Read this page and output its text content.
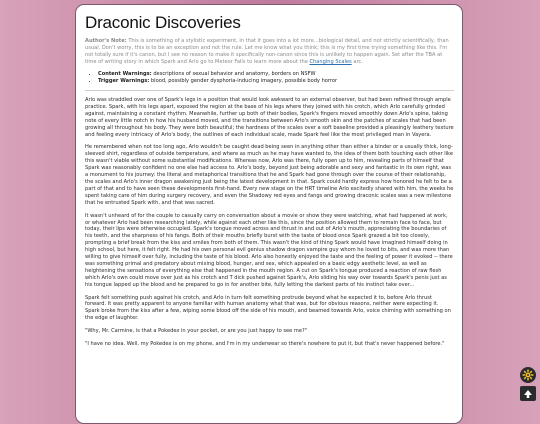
Draconic Discoveries

Author's Note: This is something of a stylistic experiment, in that it goes into a lot more...biological detail, and not strictly scientifically, than usual. Don't worry, this is to be an exception and not the rule. Let me know what you think; this is my first time trying something like this. I'm not totally sure if it's canon, but I see no reason to make it specifically non-canon since this is unlikely to happen again. Set after the TBA at time of writing story in which Spark and Arlo go to Meteor Falls to learn more about the Changing Scales arc.

• Content Warnings: descriptions of sexual behavior and anatomy, borders on NSFW
• Trigger Warnings: blood, possibly gender dysphoria-inducing imagery, possible body horror

Arlo was straddled over one of Spark's legs in a position that would look awkward to an external observer, but had been refined through ample practice. Spark, with his legs apart, exposed the region at the base of his legs where they joined with his crotch, which Arlo carefully grinded against, maintaining a constant rhythm. Meanwhile, further up both of their bodies, Spark's fingers moved smoothly down Arlo's spine, taking note of every little notch in how his husband moved, and the transitions between Arlo's smooth skin and the patches of scales that had been growing all throughout his body. They were both beautiful; the hardness of the scales over a soft baseline provided a pleasingly leathery texture and feeling every intricacy of Arlo's body, the outlines of each individual scale, made Spark feel like the most privileged man in Vayera.

He remembered when not too long ago, Arlo wouldn't be caught dead being seen in anything other than either a binder or a usually thick, long-sleeved shirt, regardless of outside temperature, and where as much as he may have wanted to, the idea of them both touching each other like this wasn't viable without some substantial modifications. Whereas now, Arlo was there, fully open up to him, revealing parts of himself that Spark was reasonably confident no one else had access to. Arlo's body, beyond just being adorable and sexy and fantastic in its own right, was a monument to his journey: the literal and metaphorical transitions that he and Spark had gone through over the course of their relationship, the scales and Arlo's inner dragon awakening just being the latest development in that. Spark could hardly express how honored he felt to be a part of that and to have seen these developments first-hand. Every new stage on the HRT timeline Arlo excitedly shared with him, the weeks he spent taking care of him during surgery recovery, and even the Shadowy red eyes and fangs and growing draconic scales was a new milestone that he entrusted Spark with, and that was sacred.

It wasn't unheard of for the couple to casually carry on conversation about a movie or show they were watching, what had happened at work, or whatever Arlo had been researching lately, while against each other like this, since the position allowed them to remain face to face, but today, their lips were otherwise occupied. Spark's tongue moved across and thrust in and out of Arlo's mouth, appreciating the boundaries of his teeth, and the sharpness of his fangs. Both of their mouths briefly burst with the taste of blood once Spark grazed a bit too closely, prompting a brief break from the kiss and smiles from both of them. This wasn't the kind of thing Spark would have imagined himself doing in high school, but here, it felt right. He had his own personal evil genius shadow dragon vampire guy whom he loved to bits, and was more than willing to give himself over fully, including the taste of his blood. Arlo also honestly enjoyed the taste and the feeling of power it evoked -- there was something primal and predatory about mixing blood, hunger, and sex, which appealed on a basic edgy aesthetic level, as well as heightening the sensations of everything else that happened in the mouth region. A cut on Spark's tongue produced a reaction of raw flesh which Arlo's own could move over just as his crotch and T dick pushed against Spark's, Arlo sliding his way over towards Spark's penis just as his tongue lapped up the blood and he prepared to go in for another bite, fully letting the darkest parts of his instinct take over...

Spark felt something push against his crotch, and Arlo in turn felt something protrude beyond what he expected it to, before Arlo thrust forward. It was pretty apparent to anyone familiar with human anatomy what that was, but for obvious reasons, neither were expecting it. Spark broke from the kiss after a few, wiping some blood off the side of his mouth, and beamed towards Arlo, voice chiming with something on the edge of laughter.

"Why, Mr. Carmine, is that a Pokedex in your pocket, or are you just happy to see me?"

"I have no idea. Well, my Pokedex is on my phone, and I'm in my underwear so there's nowhere to put it, but that's never happened before."
